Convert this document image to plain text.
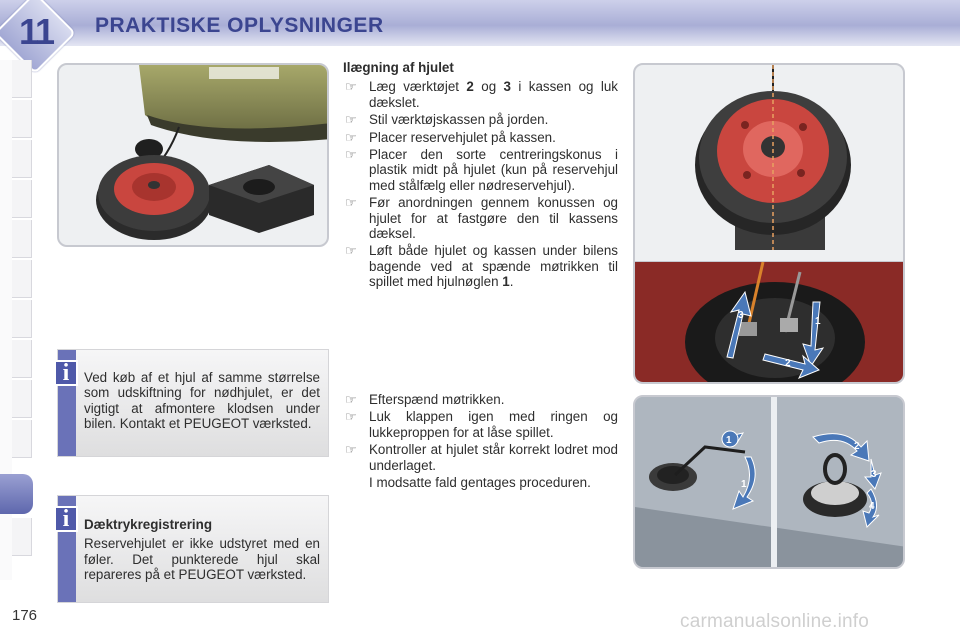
11 PRAKTISKE OPLYSNINGER
3
1
2
1
1
2
3
4
Ilægning af hjulet
☞ Læg værktøjet 2 og 3 i kassen og luk dækslet.
☞ Stil værktøjskassen på jorden.
☞ Placer reservehjulet på kassen.
☞ Placer den sorte centreringskonus i plastik midt på hjulet (kun på reservehjul med stålfælg eller nødreservehjul).
☞ Før anordningen gennem konussen og hjulet for at fastgøre den til kassens dæksel.
☞ Løft både hjulet og kassen under bilens bagende ved at spænde møtrikken til spillet med hjulnøglen 1.
☞ Efterspænd møtrikken.
☞ Luk klappen igen med ringen og lukkeproppen for at låse spillet.
☞ Kontroller at hjulet står korrekt lodret mod underlaget.

I modsatte fald gentages proceduren.

i	Ved køb af et hjul af samme størrelse som udskiftning for nødhjulet, er det vigtigt at afmontere klodsen under bilen. Kontakt et PEUGEOT værksted.
i	Dæktrykregistrering
Reservehjulet er ikke udstyret med en føler. Det punkterede hjul skal repareres på et PEUGEOT værksted.
176	carmanualsonline.info
